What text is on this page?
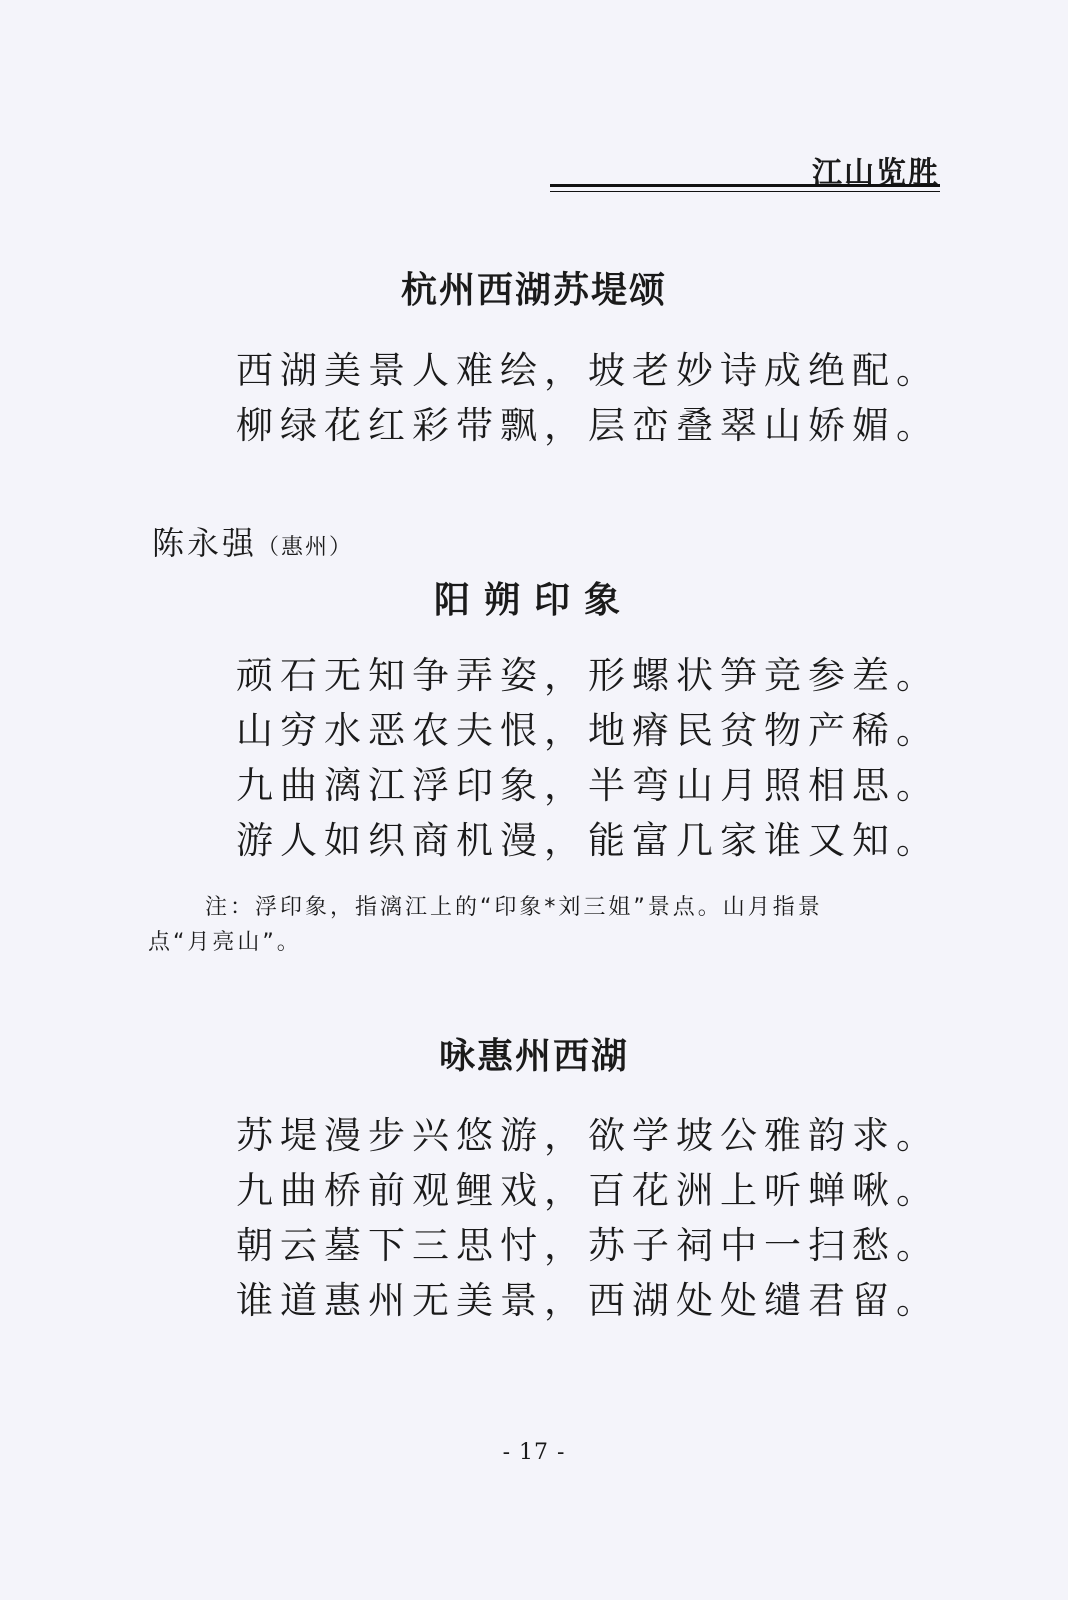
江山览胜
杭州西湖苏堤颂
西湖美景人难绘，坡老妙诗成绝配。
柳绿花红彩带飘，层峦叠翠山娇媚。
陈永强（惠州）
阳朔印象
顽石无知争弄姿，形螺状笋竞参差。
山穷水恶农夫恨，地瘠民贫物产稀。
九曲漓江浮印象，半弯山月照相思。
游人如织商机漫，能富几家谁又知。
注：浮印象，指漓江上的“印象*刘三姐”景点。山月指景
点“月亮山”。
咏惠州西湖
苏堤漫步兴悠游，欲学坡公雅韵求。
九曲桥前观鲤戏，百花洲上听蝉啾。
朝云墓下三思忖，苏子祠中一扫愁。
谁道惠州无美景，西湖处处缱君留。
- 17 -
